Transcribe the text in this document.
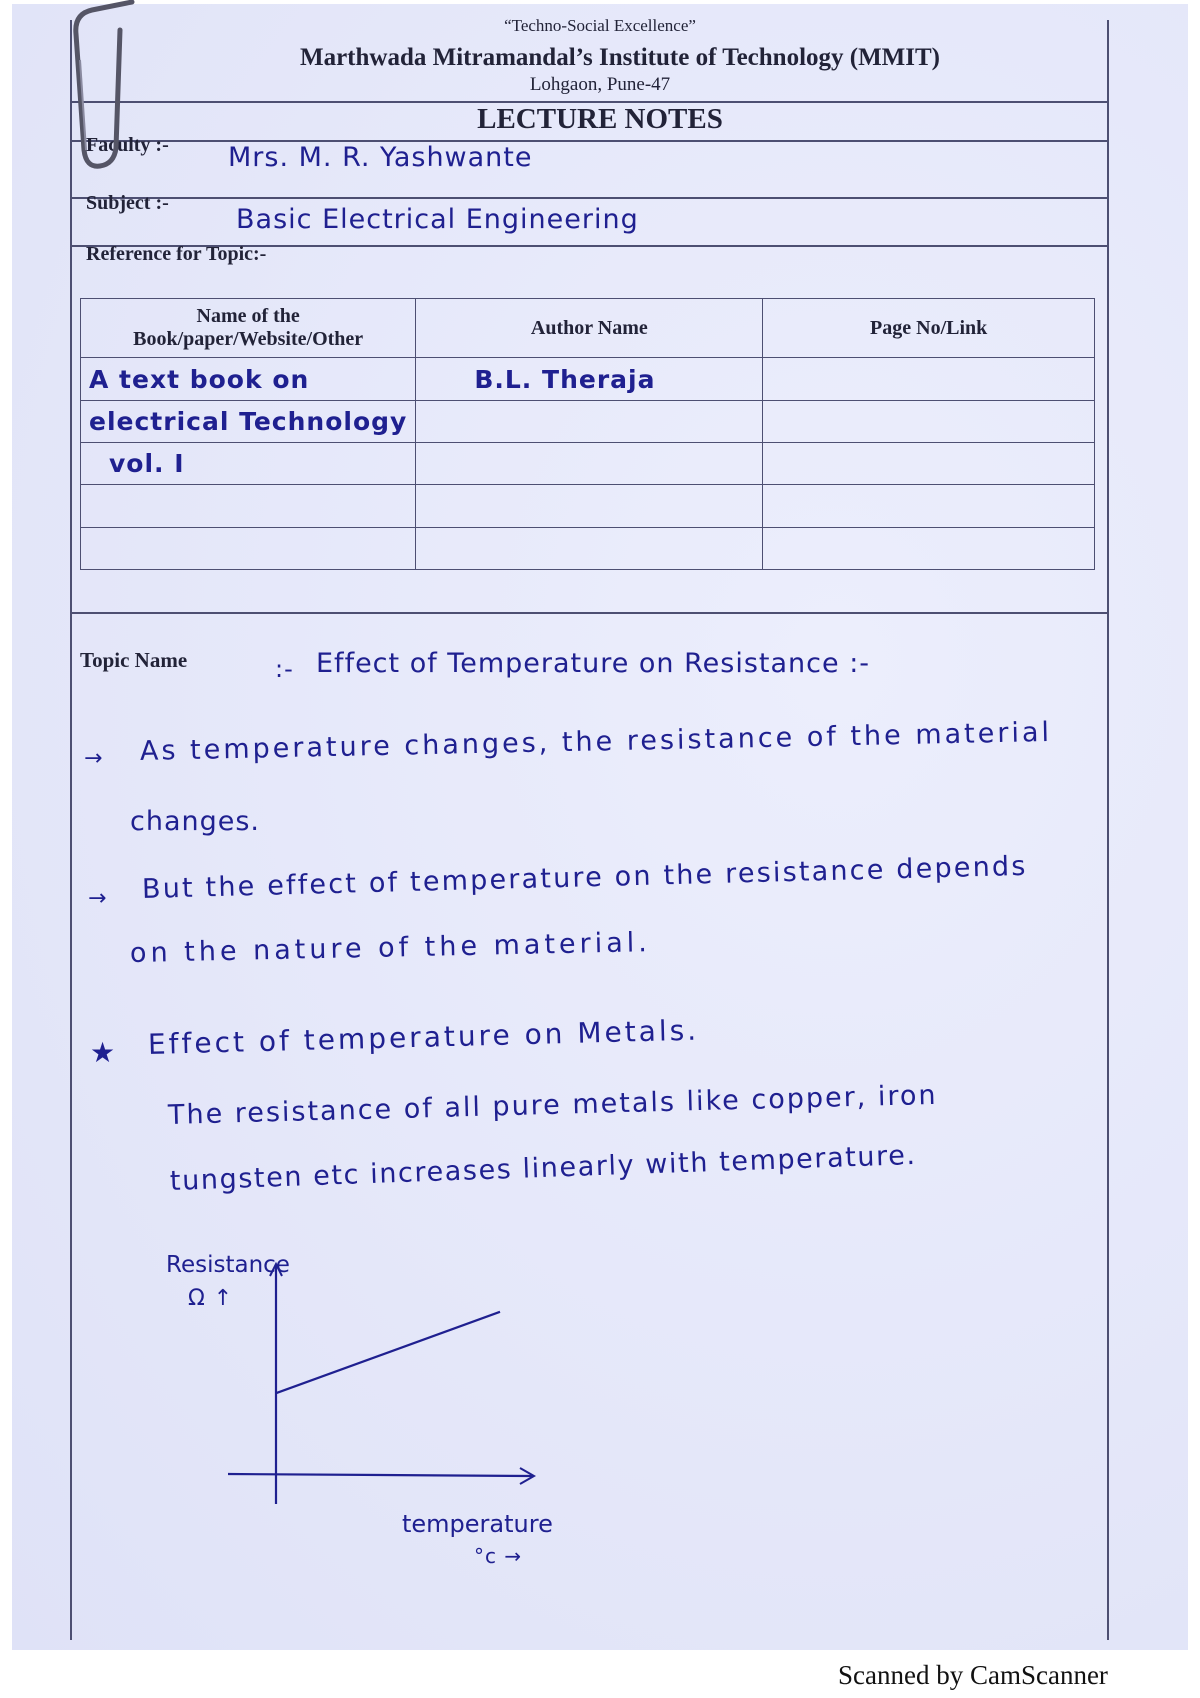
“Techno-Social Excellence”
Marthwada Mitramandal’s Institute of Technology (MMIT)
Lohgaon, Pune-47
LECTURE NOTES
Faculty :- Mrs. M. R. Yashwante
Subject :-
Basic Electrical Engineering
Reference for Topic:-
Name of the Book/paper/Website/Other	Author Name	Page No/Link
A text book on	B.L. Theraja	
electrical Technology		
vol. I		

Topic Name	:- Effect of Temperature on Resistance :-
→ As temperature changes, the resistance of the material
changes.
→ But the effect of temperature on the resistance depends
on the nature of the material.
★ Effect of temperature on Metals.
The resistance of all pure metals like copper, iron
tungsten etc increases linearly with temperature.
Resistance
Ω ↑
temperature
°c →
Scanned by CamScanner
